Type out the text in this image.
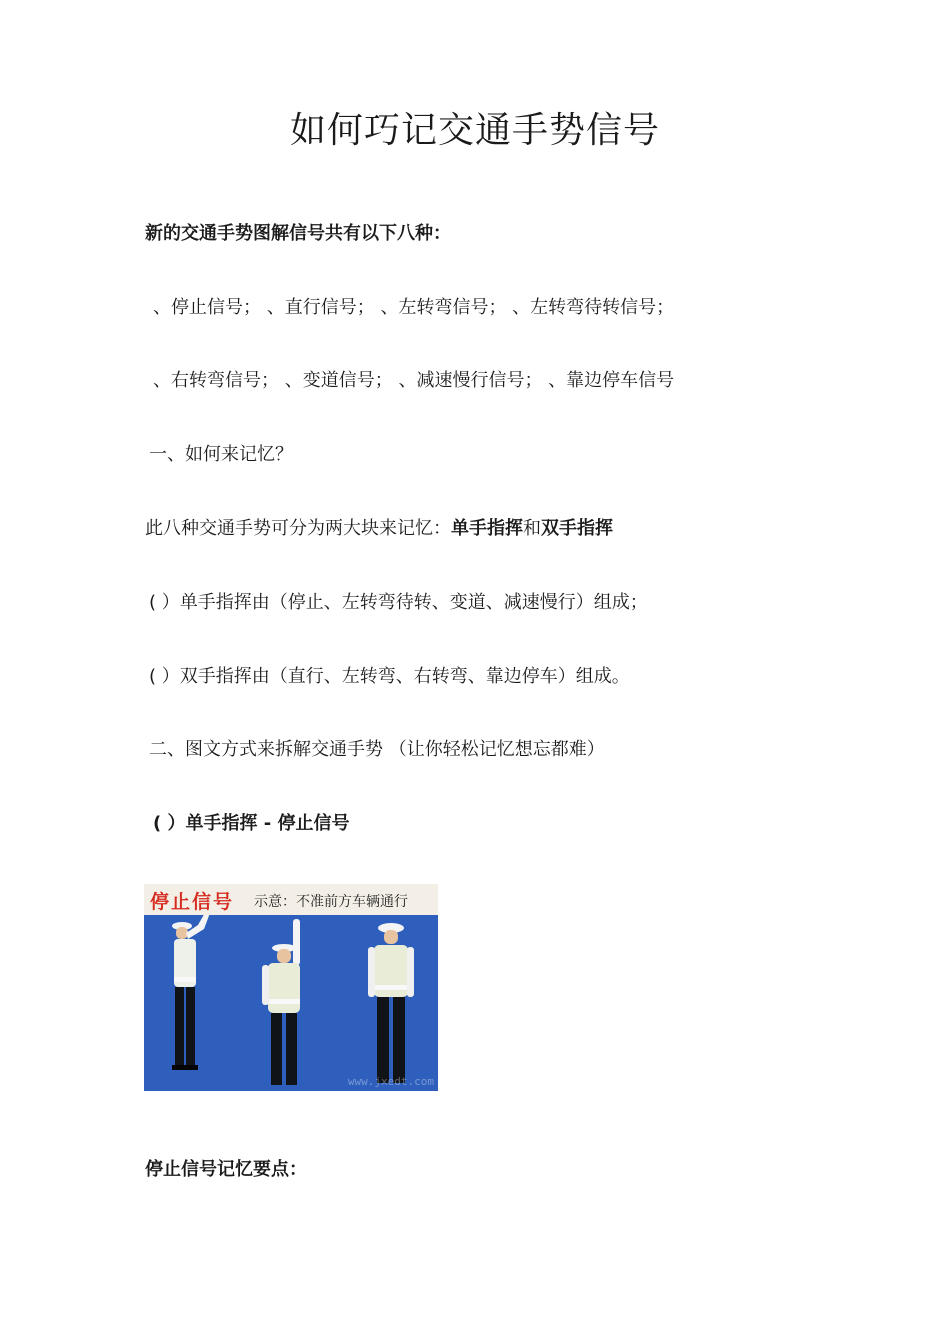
如何巧记交通手势信号
新的交通手势图解信号共有以下八种：
、停止信号； 、直行信号； 、左转弯信号； 、左转弯待转信号；
、右转弯信号； 、变道信号； 、减速慢行信号； 、靠边停车信号
一、如何来记忆？
此八种交通手势可分为两大块来记忆：单手指挥和双手指挥
( ）单手指挥由（停止、左转弯待转、变道、减速慢行）组成；
( ）双手指挥由（直行、左转弯、右转弯、靠边停车）组成。
二、图文方式来拆解交通手势 （让你轻松记忆想忘都难）
( ）单手指挥 - 停止信号
停止信号 示意：不准前方车辆通行
www.jxedt.com
停止信号记忆要点：
